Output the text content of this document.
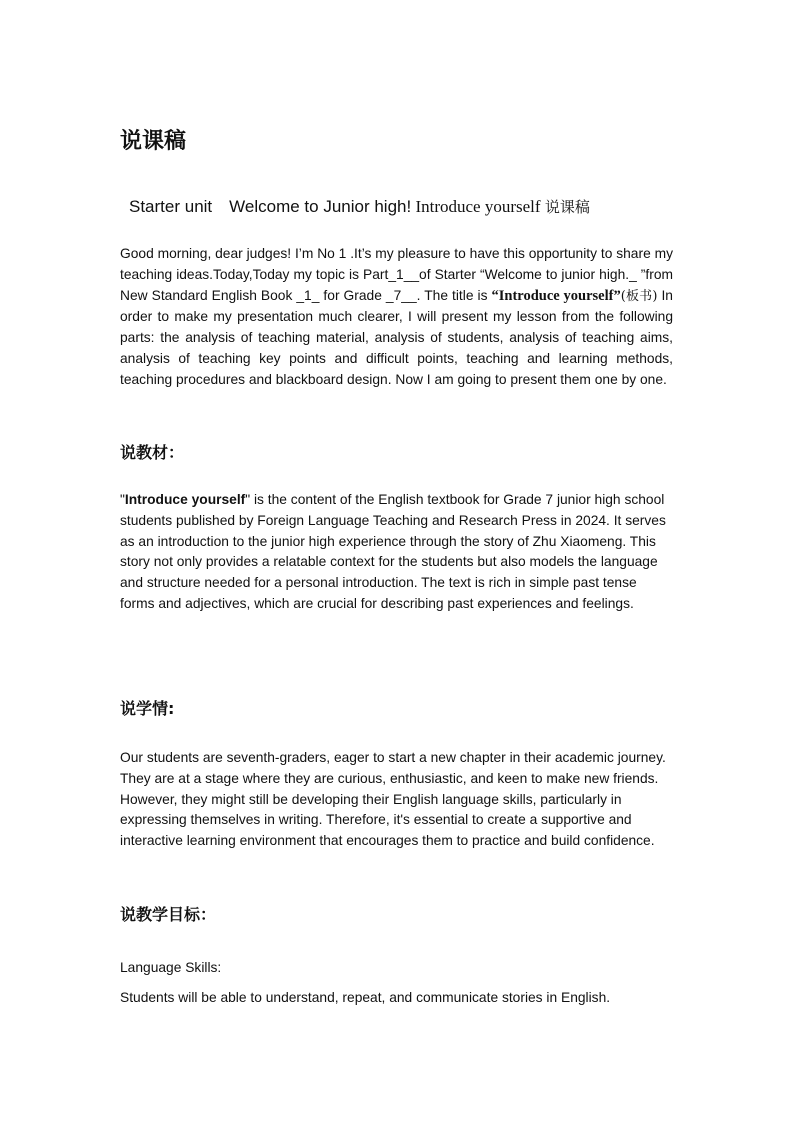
说课稿

Starter unit Welcome to Junior high! Introduce yourself 说课稿

Good morning, dear judges! I’m No 1 .It’s my pleasure to have this opportunity to share my teaching ideas.Today,Today my topic is Part_1__of Starter “Welcome to junior high._ ”from New Standard English Book _1_ for Grade _7__. The title is “Introduce yourself”(板书) In order to make my presentation much clearer, I will present my lesson from the following parts: the analysis of teaching material, analysis of students, analysis of teaching aims, analysis of teaching key points and difficult points, teaching and learning methods, teaching procedures and blackboard design. Now I am going to present them one by one.

说教材：

"Introduce yourself" is the content of the English textbook for Grade 7 junior high school students published by Foreign Language Teaching and Research Press in 2024. It serves as an introduction to the junior high experience through the story of Zhu Xiaomeng. This story not only provides a relatable context for the students but also models the language and structure needed for a personal introduction. The text is rich in simple past tense forms and adjectives, which are crucial for describing past experiences and feelings.

说学情:

Our students are seventh-graders, eager to start a new chapter in their academic journey. They are at a stage where they are curious, enthusiastic, and keen to make new friends. However, they might still be developing their English language skills, particularly in expressing themselves in writing. Therefore, it's essential to create a supportive and interactive learning environment that encourages them to practice and build confidence.

说教学目标：

Language Skills:

Students will be able to understand, repeat, and communicate stories in English.
